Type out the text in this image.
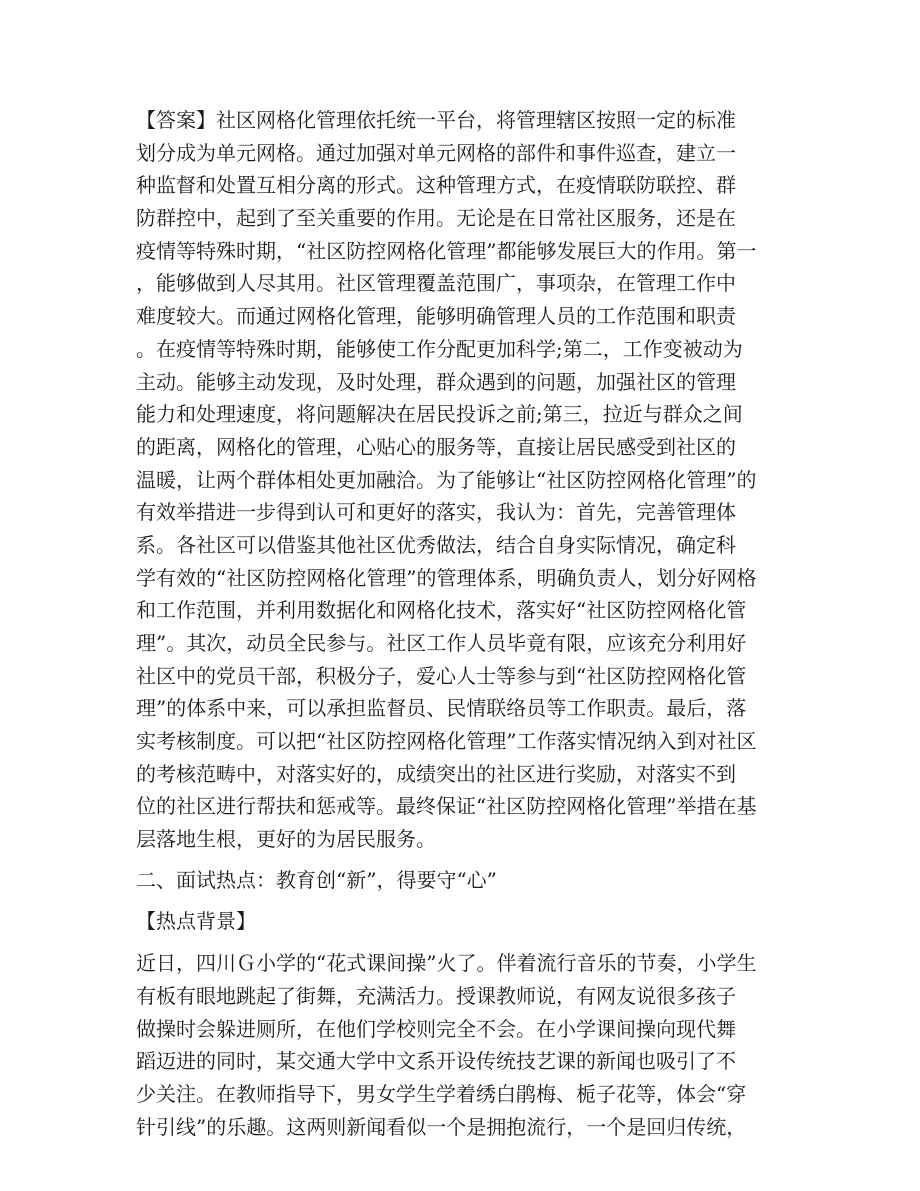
【答案】社区网格化管理依托统一平台，将管理辖区按照一定的标准
划分成为单元网格。通过加强对单元网格的部件和事件巡查，建立一
种监督和处置互相分离的形式。这种管理方式，在疫情联防联控、群
防群控中，起到了至关重要的作用。无论是在日常社区服务，还是在
疫情等特殊时期，“社区防控网格化管理”都能够发展巨大的作用。第一
，能够做到人尽其用。社区管理覆盖范围广，事项杂，在管理工作中
难度较大。而通过网格化管理，能够明确管理人员的工作范围和职责
。在疫情等特殊时期，能够使工作分配更加科学;第二，工作变被动为
主动。能够主动发现，及时处理，群众遇到的问题，加强社区的管理
能力和处理速度，将问题解决在居民投诉之前;第三，拉近与群众之间
的距离，网格化的管理，心贴心的服务等，直接让居民感受到社区的
温暖，让两个群体相处更加融洽。为了能够让“社区防控网格化管理”的
有效举措进一步得到认可和更好的落实，我认为：首先，完善管理体
系。各社区可以借鉴其他社区优秀做法，结合自身实际情况，确定科
学有效的“社区防控网格化管理”的管理体系，明确负责人，划分好网格
和工作范围，并利用数据化和网格化技术，落实好“社区防控网格化管
理”。其次，动员全民参与。社区工作人员毕竟有限，应该充分利用好
社区中的党员干部，积极分子，爱心人士等参与到“社区防控网格化管
理”的体系中来，可以承担监督员、民情联络员等工作职责。最后，落
实考核制度。可以把“社区防控网格化管理”工作落实情况纳入到对社区
的考核范畴中，对落实好的，成绩突出的社区进行奖励，对落实不到
位的社区进行帮扶和惩戒等。最终保证“社区防控网格化管理”举措在基
层落地生根，更好的为居民服务。
二、面试热点：教育创“新”，得要守“心”
【热点背景】
近日，四川Ｇ小学的“花式课间操”火了。伴着流行音乐的节奏，小学生
有板有眼地跳起了街舞，充满活力。授课教师说，有网友说很多孩子
做操时会躲进厕所，在他们学校则完全不会。在小学课间操向现代舞
蹈迈进的同时，某交通大学中文系开设传统技艺课的新闻也吸引了不
少关注。在教师指导下，男女学生学着绣白鹃梅、栀子花等，体会“穿
针引线”的乐趣。这两则新闻看似一个是拥抱流行，一个是回归传统，
